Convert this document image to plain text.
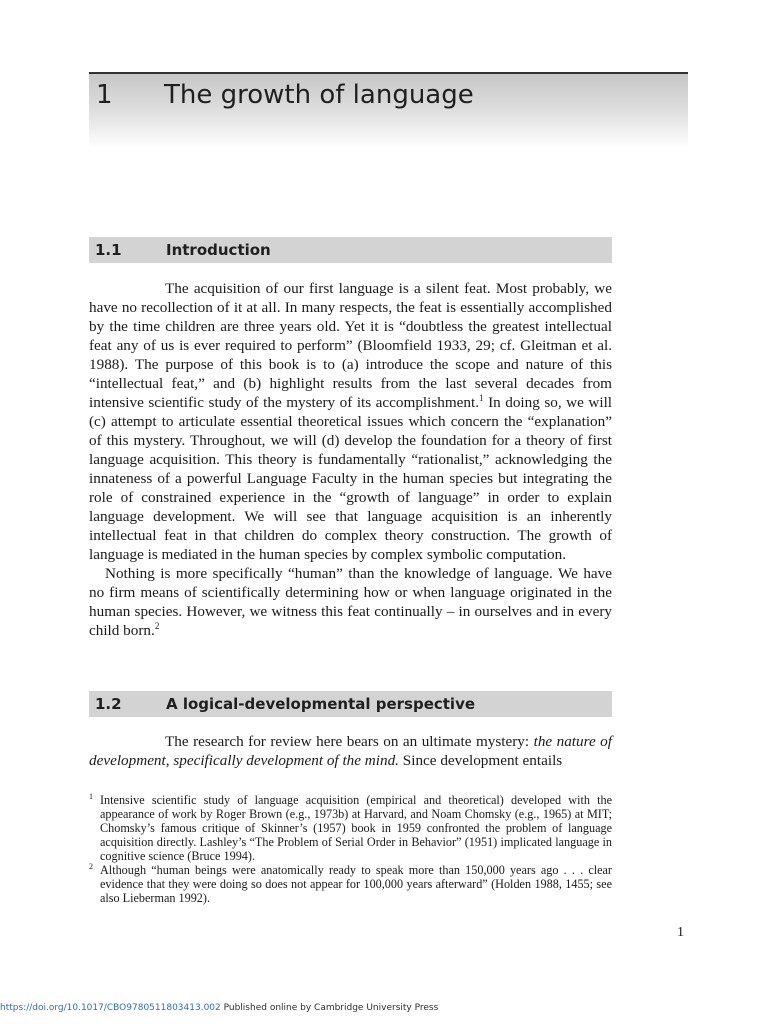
1 The growth of language
1.1	Introduction

The acquisition of our first language is a silent feat. Most probably, we have no recollection of it at all. In many respects, the feat is essentially accomplished by the time children are three years old. Yet it is “doubtless the greatest intellectual feat any of us is ever required to perform” (Bloomfield 1933, 29; cf. Gleitman et al. 1988). The purpose of this book is to (a) introduce the scope and nature of this “intellectual feat,” and (b) highlight results from the last several decades from intensive scientific study of the mystery of its accomplishment.$^1$ In doing so, we will (c) attempt to articulate essential theoretical issues which concern the “explanation” of this mystery. Throughout, we will (d) develop the foundation for a theory of first language acquisition. This theory is fundamentally “rationalist,” acknowledging the innateness of a powerful Language Faculty in the human species but integrating the role of constrained experience in the “growth of language” in order to explain language development. We will see that language acquisition is an inherently intellectual feat in that children do complex theory construction. The growth of language is mediated in the human species by complex symbolic computation.

Nothing is more specifically “human” than the knowledge of language. We have no firm means of scientifically determining how or when language originated in the human species. However, we witness this feat continually – in ourselves and in every child born.$^2$

1.2	A logical-developmental perspective

The research for review here bears on an ultimate mystery: the nature of development, specifically development of the mind. Since development entails

1 Intensive scientific study of language acquisition (empirical and theoretical) developed with the appearance of work by Roger Brown (e.g., 1973b) at Harvard, and Noam Chomsky (e.g., 1965) at MIT; Chomsky’s famous critique of Skinner’s (1957) book in 1959 confronted the problem of language acquisition directly. Lashley’s “The Problem of Serial Order in Behavior” (1951) implicated language in cognitive science (Bruce 1994).
2 Although “human beings were anatomically ready to speak more than 150,000 years ago . . . clear evidence that they were doing so does not appear for 100,000 years afterward” (Holden 1988, 1455; see also Lieberman 1992).
1
https://doi.org/10.1017/CBO9780511803413.002 Published online by Cambridge University Press
